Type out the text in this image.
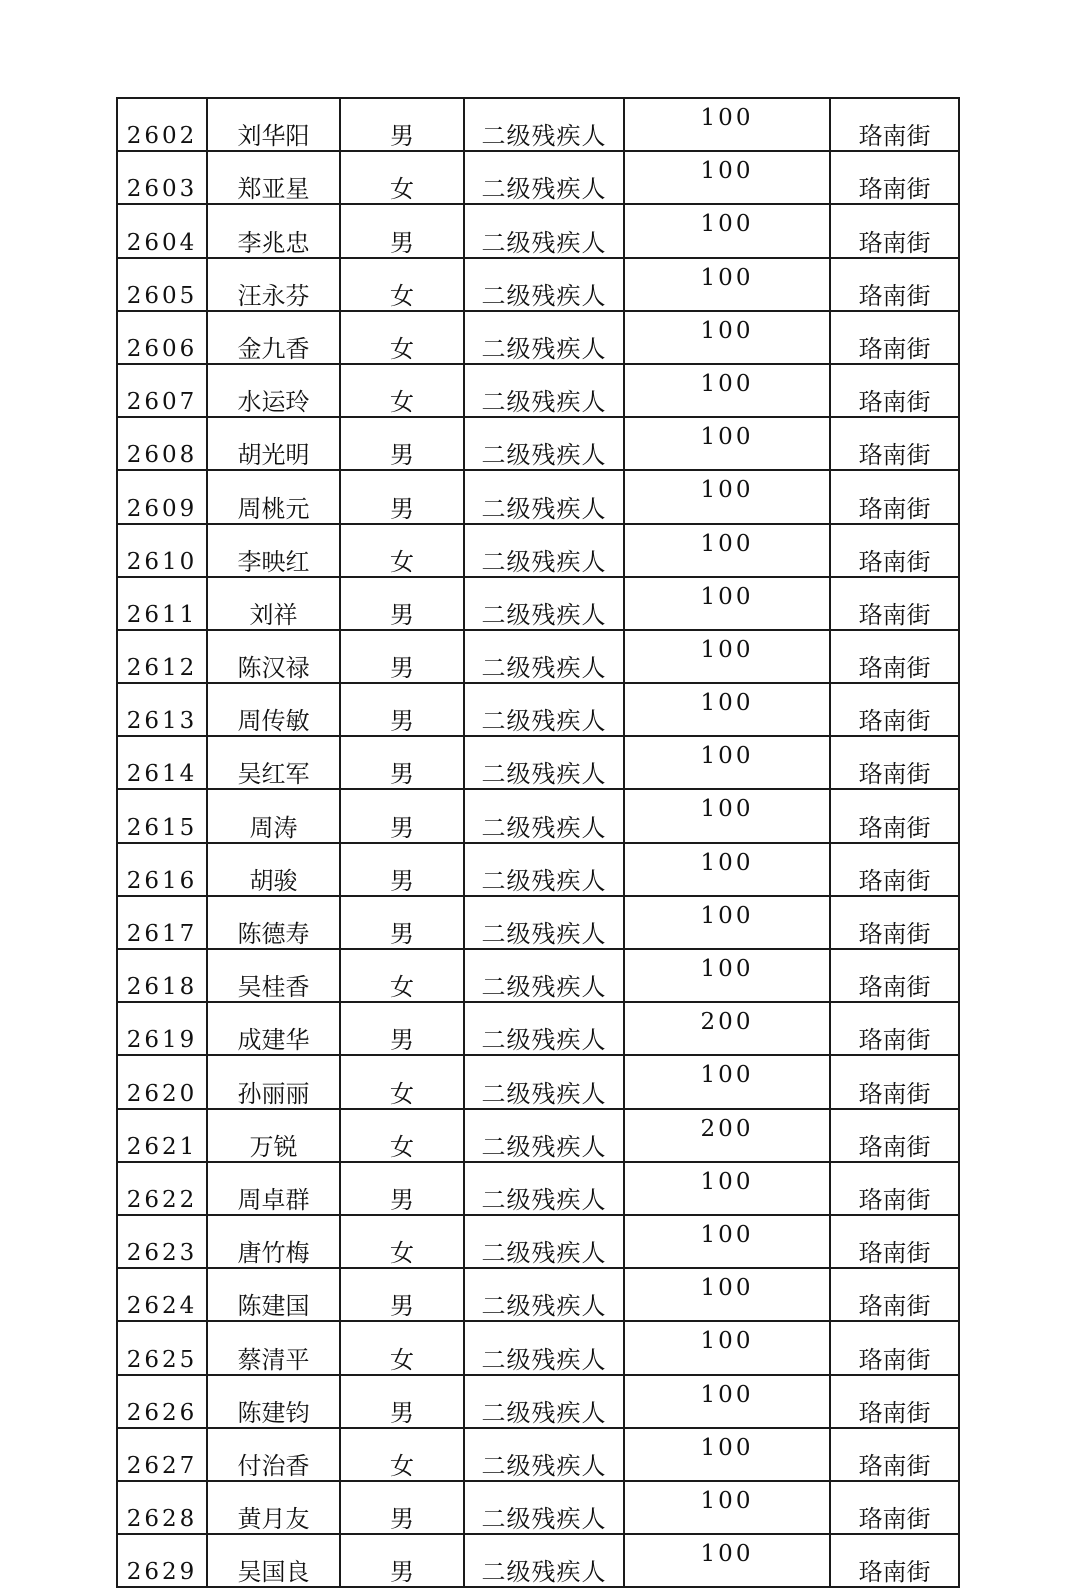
2602	刘华阳	男	二级残疾人	100	珞南街
2603	郑亚星	女	二级残疾人	100	珞南街
2604	李兆忠	男	二级残疾人	100	珞南街
2605	汪永芬	女	二级残疾人	100	珞南街
2606	金九香	女	二级残疾人	100	珞南街
2607	水运玲	女	二级残疾人	100	珞南街
2608	胡光明	男	二级残疾人	100	珞南街
2609	周桃元	男	二级残疾人	100	珞南街
2610	李映红	女	二级残疾人	100	珞南街
2611	刘祥	男	二级残疾人	100	珞南街
2612	陈汉禄	男	二级残疾人	100	珞南街
2613	周传敏	男	二级残疾人	100	珞南街
2614	吴红军	男	二级残疾人	100	珞南街
2615	周涛	男	二级残疾人	100	珞南街
2616	胡骏	男	二级残疾人	100	珞南街
2617	陈德寿	男	二级残疾人	100	珞南街
2618	吴桂香	女	二级残疾人	100	珞南街
2619	成建华	男	二级残疾人	200	珞南街
2620	孙丽丽	女	二级残疾人	100	珞南街
2621	万锐	女	二级残疾人	200	珞南街
2622	周卓群	男	二级残疾人	100	珞南街
2623	唐竹梅	女	二级残疾人	100	珞南街
2624	陈建国	男	二级残疾人	100	珞南街
2625	蔡清平	女	二级残疾人	100	珞南街
2626	陈建钧	男	二级残疾人	100	珞南街
2627	付治香	女	二级残疾人	100	珞南街
2628	黄月友	男	二级残疾人	100	珞南街
2629	吴国良	男	二级残疾人	100	珞南街
